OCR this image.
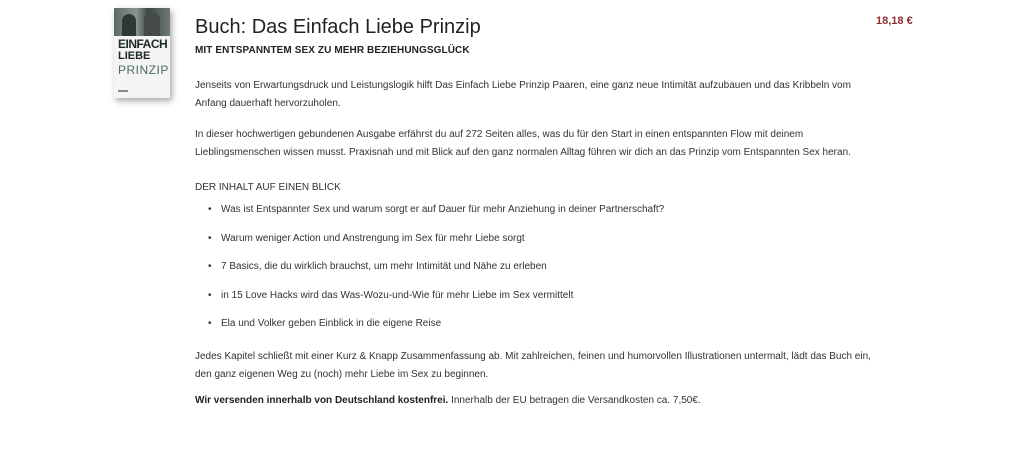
EINFACH
LIEBE
PRINZIP
Buch: Das Einfach Liebe Prinzip	18,18 €
MIT ENTSPANNTEM SEX ZU MEHR BEZIEHUNGSGLÜCK

Jenseits von Erwartungsdruck und Leistungslogik hilft Das Einfach Liebe Prinzip Paaren, eine ganz neue Intimität aufzubauen und das Kribbeln vom Anfang dauerhaft hervorzuholen.

In dieser hochwertigen gebundenen Ausgabe erfährst du auf 272 Seiten alles, was du für den Start in einen entspannten Flow mit deinem Lieblingsmenschen wissen musst. Praxisnah und mit Blick auf den ganz normalen Alltag führen wir dich an das Prinzip vom Entspannten Sex heran.

DER INHALT AUF EINEN BLICK
• Was ist Entspannter Sex und warum sorgt er auf Dauer für mehr Anziehung in deiner Partnerschaft?
• Warum weniger Action und Anstrengung im Sex für mehr Liebe sorgt
• 7 Basics, die du wirklich brauchst, um mehr Intimität und Nähe zu erleben
• in 15 Love Hacks wird das Was-Wozu-und-Wie für mehr Liebe im Sex vermittelt
• Ela und Volker geben Einblick in die eigene Reise

Jedes Kapitel schließt mit einer Kurz & Knapp Zusammenfassung ab. Mit zahlreichen, feinen und humorvollen Illustrationen untermalt, lädt das Buch ein, den ganz eigenen Weg zu (noch) mehr Liebe im Sex zu beginnen.

Wir versenden innerhalb von Deutschland kostenfrei. Innerhalb der EU betragen die Versandkosten ca. 7,50€.
